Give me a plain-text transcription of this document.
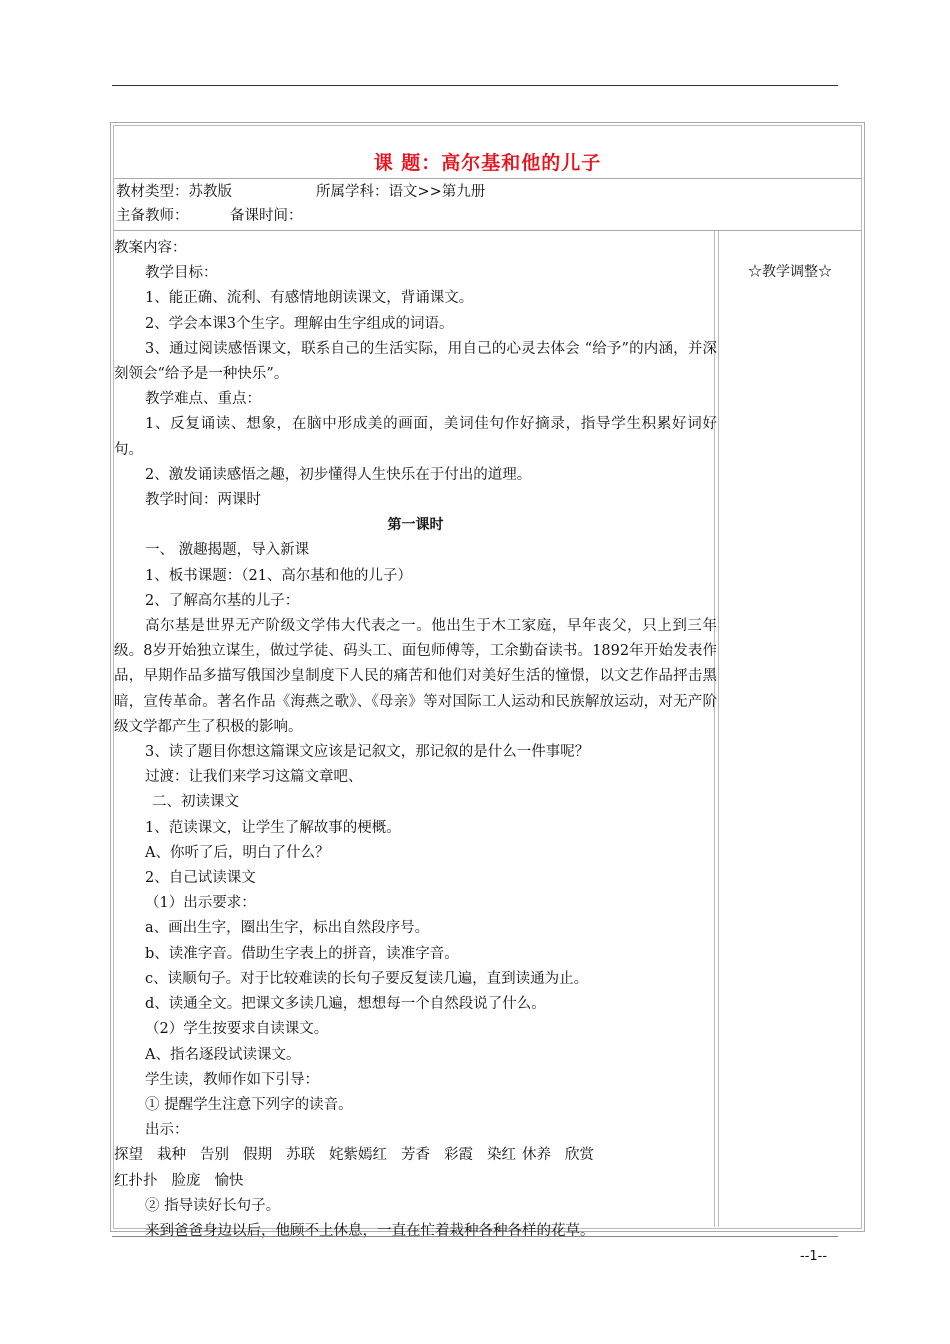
课 题：高尔基和他的儿子
教材类型：苏教版	所属学科：语文>>第九册
主备教师：	备课时间：
☆教学调整☆

教案内容：

教学目标：

1、能正确、流利、有感情地朗读课文，背诵课文。

2、学会本课3个生字。理解由生字组成的词语。

3、通过阅读感悟课文，联系自己的生活实际，用自己的心灵去体会 “给予”的内涵，并深刻领会“给予是一种快乐”。

教学难点、重点：

1、反复诵读、想象，在脑中形成美的画面，美词佳句作好摘录，指导学生积累好词好句。

2、激发诵读感悟之趣，初步懂得人生快乐在于付出的道理。

教学时间：两课时

第一课时

一、 激趣揭题，导入新课

1、板书课题：（21、高尔基和他的儿子）

2、了解高尔基的儿子：

高尔基是世界无产阶级文学伟大代表之一。他出生于木工家庭，早年丧父，只上到三年级。8岁开始独立谋生，做过学徒、码头工、面包师傅等，工余勤奋读书。1892年开始发表作品，早期作品多描写俄国沙皇制度下人民的痛苦和他们对美好生活的憧憬，以文艺作品抨击黑暗，宣传革命。著名作品《海燕之歌》、《母亲》等对国际工人运动和民族解放运动，对无产阶级文学都产生了积极的影响。

3、读了题目你想这篇课文应该是记叙文，那记叙的是什么一件事呢？

过渡：让我们来学习这篇文章吧、

二、初读课文

1、范读课文，让学生了解故事的梗概。

A、你听了后，明白了什么？

2、自己试读课文

（1）出示要求：

a、画出生字，圈出生字，标出自然段序号。

b、读准字音。借助生字表上的拼音，读准字音。

c、读顺句子。对于比较难读的长句子要反复读几遍，直到读通为止。

d、读通全文。把课文多读几遍，想想每一个自然段说了什么。

（2）学生按要求自读课文。

A、指名逐段试读课文。

学生读，教师作如下引导：

① 提醒学生注意下列字的读音。

出示：

探望 栽种 告别 假期 苏联 姹紫嫣红 芳香 彩霞 染红 休养 欣赏

红扑扑 脸庞 愉快

② 指导读好长句子。

来到爸爸身边以后，他顾不上休息，一直在忙着栽种各种各样的花草。

--1--
